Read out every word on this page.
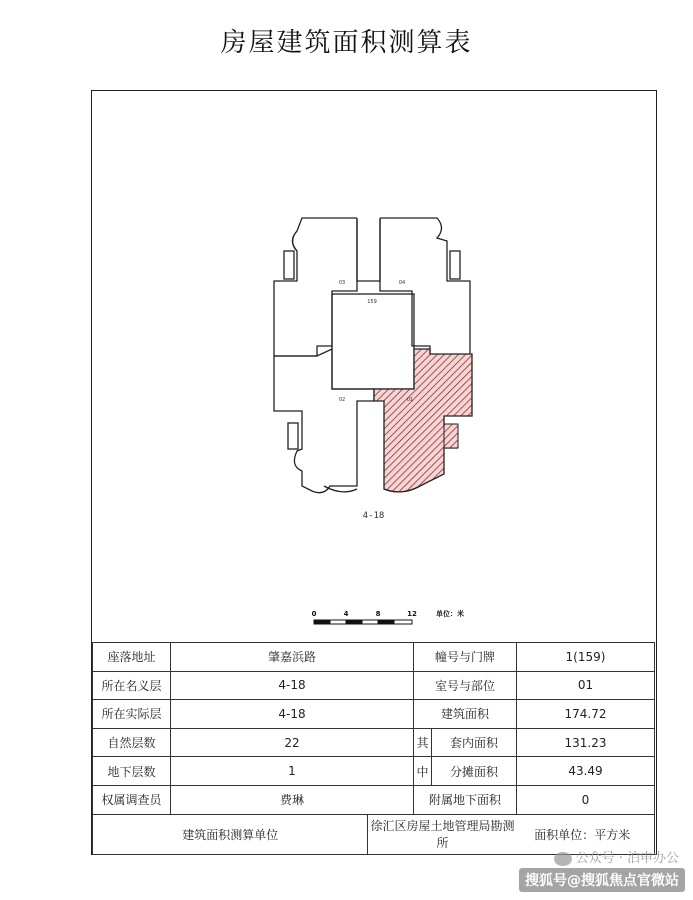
房屋建筑面积测算表
03	04
159
02	01
4-18
0	4	8	12	单位：米
座落地址	肇嘉浜路		幢号与门牌		1(159)
所在名义层	4-18		室号与部位		01
所在实际层	4-18		建筑面积		174.72
自然层数	22		其	套内面积	131.23
地下层数	1		中	分摊面积	43.49
权属调查员	费琳		附属地下面积		0
建筑面积测算单位		徐汇区房屋土地管理局勘测所			面积单位：平方米
公众号 · 泊申办公
搜狐号@搜狐焦点官微站
